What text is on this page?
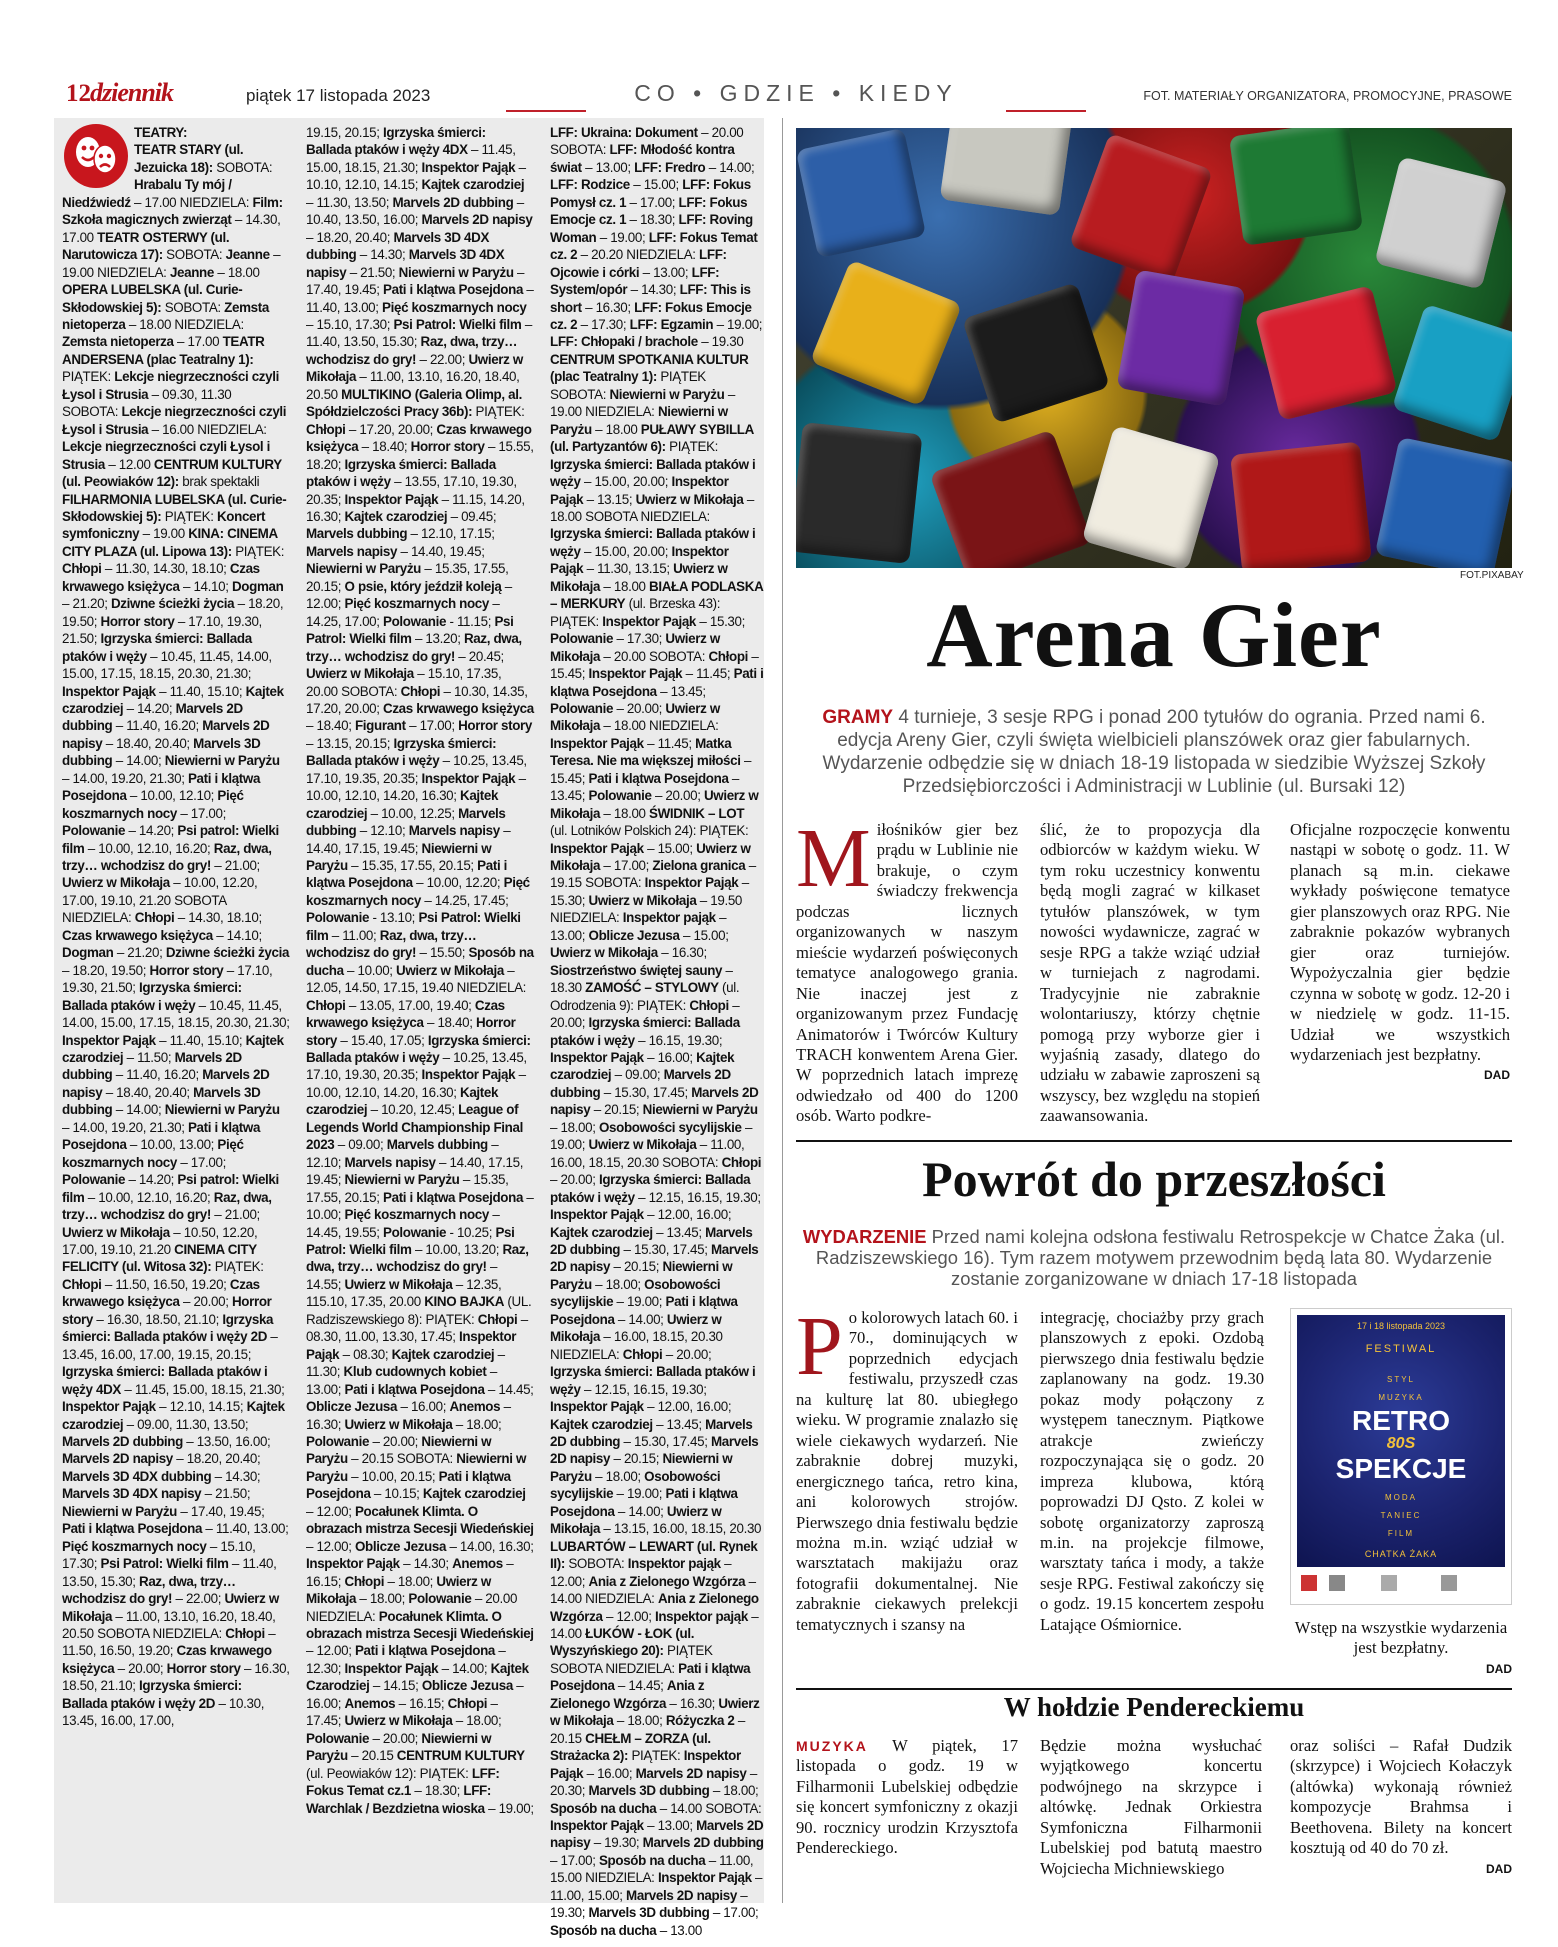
12 dziennik	piątek 17 listopada 2023	CO • GDZIE • KIEDY	FOT. MATERIAŁY ORGANIZATORA, PROMOCYJNE, PRASOWE
TEATRY:
TEATR STARY (ul. Jezuicka 18): SOBOTA: Hrabalu Ty mój / Niedźwiedź – 17.00 NIEDZIELA: Film: Szkoła magicznych zwierząt – 14.30, 17.00 TEATR OSTERWY (ul. Narutowicza 17): SOBOTA: Jeanne – 19.00 NIEDZIELA: Jeanne – 18.00 OPERA LUBELSKA (ul. Curie-Skłodowskiej 5): SOBOTA: Zemsta nietoperza – 18.00 NIEDZIELA: Zemsta nietoperza – 17.00 TEATR ANDERSENA (plac Teatralny 1): PIĄTEK: Lekcje niegrzeczności czyli Łysol i Strusia – 09.30, 11.30 SOBOTA: Lekcje niegrzeczności czyli Łysol i Strusia – 16.00 NIEDZIELA: Lekcje niegrzeczności czyli Łysol i Strusia – 12.00 CENTRUM KULTURY (ul. Peowiaków 12): brak spektakli FILHARMONIA LUBELSKA (ul. Curie-Skłodowskiej 5): PIĄTEK: Koncert symfoniczny – 19.00 KINA: CINEMA CITY PLAZA (ul. Lipowa 13): PIĄTEK: Chłopi – 11.30, 14.30, 18.10; Czas krwawego księżyca – 14.10; Dogman – 21.20; Dziwne ścieżki życia – 18.20, 19.50; Horror story – 17.10, 19.30, 21.50; Igrzyska śmierci: Ballada ptaków i węży – 10.45, 11.45, 14.00, 15.00, 17.15, 18.15, 20.30, 21.30; Inspektor Pająk – 11.40, 15.10; Kajtek czarodziej – 14.20; Marvels 2D dubbing – 11.40, 16.20; Marvels 2D napisy – 18.40, 20.40; Marvels 3D dubbing – 14.00; Niewierni w Paryżu – 14.00, 19.20, 21.30; Pati i klątwa Posejdona – 10.00, 12.10; Pięć koszmarnych nocy – 17.00; Polowanie – 14.20; Psi patrol: Wielki film – 10.00, 12.10, 16.20; Raz, dwa, trzy… wchodzisz do gry! – 21.00; Uwierz w Mikołaja – 10.00, 12.20, 17.00, 19.10, 21.20 SOBOTA NIEDZIELA: Chłopi – 14.30, 18.10; Czas krwawego księżyca – 14.10; Dogman – 21.20; Dziwne ścieżki życia – 18.20, 19.50; Horror story – 17.10, 19.30, 21.50; Igrzyska śmierci: Ballada ptaków i węży – 10.45, 11.45, 14.00, 15.00, 17.15, 18.15, 20.30, 21.30; Inspektor Pająk – 11.40, 15.10; Kajtek czarodziej – 11.50; Marvels 2D dubbing – 11.40, 16.20; Marvels 2D napisy – 18.40, 20.40; Marvels 3D dubbing – 14.00; Niewierni w Paryżu – 14.00, 19.20, 21.30; Pati i klątwa Posejdona – 10.00, 13.00; Pięć koszmarnych nocy – 17.00; Polowanie – 14.20; Psi patrol: Wielki film – 10.00, 12.10, 16.20; Raz, dwa, trzy… wchodzisz do gry! – 21.00; Uwierz w Mikołaja – 10.50, 12.20, 17.00, 19.10, 21.20 CINEMA CITY FELICITY (ul. Witosa 32): PIĄTEK: Chłopi – 11.50, 16.50, 19.20; Czas krwawego księżyca – 20.00; Horror story – 16.30, 18.50, 21.10; Igrzyska śmierci: Ballada ptaków i węży 2D – 13.45, 16.00, 17.00, 19.15, 20.15; Igrzyska śmierci: Ballada ptaków i węży 4DX – 11.45, 15.00, 18.15, 21.30; Inspektor Pająk – 12.10, 14.15; Kajtek czarodziej – 09.00, 11.30, 13.50; Marvels 2D dubbing – 13.50, 16.00; Marvels 2D napisy – 18.20, 20.40; Marvels 3D 4DX dubbing – 14.30; Marvels 3D 4DX napisy – 21.50; Niewierni w Paryżu – 17.40, 19.45; Pati i klątwa Posejdona – 11.40, 13.00; Pięć koszmarnych nocy – 15.10, 17.30; Psi Patrol: Wielki film – 11.40, 13.50, 15.30; Raz, dwa, trzy… wchodzisz do gry! – 22.00; Uwierz w Mikołaja – 11.00, 13.10, 16.20, 18.40, 20.50 SOBOTA NIEDZIELA: Chłopi – 11.50, 16.50, 19.20; Czas krwawego księżyca – 20.00; Horror story – 16.30, 18.50, 21.10; Igrzyska śmierci: Ballada ptaków i węży 2D – 10.30, 13.45, 16.00, 17.00,
19.15, 20.15; Igrzyska śmierci: Ballada ptaków i węży 4DX – 11.45, 15.00, 18.15, 21.30; Inspektor Pająk – 10.10, 12.10, 14.15; Kajtek czarodziej – 11.30, 13.50; Marvels 2D dubbing – 10.40, 13.50, 16.00; Marvels 2D napisy – 18.20, 20.40; Marvels 3D 4DX dubbing – 14.30; Marvels 3D 4DX napisy – 21.50; Niewierni w Paryżu – 17.40, 19.45; Pati i klątwa Posejdona – 11.40, 13.00; Pięć koszmarnych nocy – 15.10, 17.30; Psi Patrol: Wielki film – 11.40, 13.50, 15.30; Raz, dwa, trzy… wchodzisz do gry! – 22.00; Uwierz w Mikołaja – 11.00, 13.10, 16.20, 18.40, 20.50 MULTIKINO (Galeria Olimp, al. Spółdzielczości Pracy 36b): PIĄTEK: Chłopi – 17.20, 20.00; Czas krwawego księżyca – 18.40; Horror story – 15.55, 18.20; Igrzyska śmierci: Ballada ptaków i węży – 13.55, 17.10, 19.30, 20.35; Inspektor Pająk – 11.15, 14.20, 16.30; Kajtek czarodziej – 09.45; Marvels dubbing – 12.10, 17.15; Marvels napisy – 14.40, 19.45; Niewierni w Paryżu – 15.35, 17.55, 20.15; O psie, który jeździł koleją – 12.00; Pięć koszmarnych nocy – 14.25, 17.00; Polowanie - 11.15; Psi Patrol: Wielki film – 13.20; Raz, dwa, trzy… wchodzisz do gry! – 20.45; Uwierz w Mikołaja – 15.10, 17.35, 20.00 SOBOTA: Chłopi – 10.30, 14.35, 17.20, 20.00; Czas krwawego księżyca – 18.40; Figurant – 17.00; Horror story – 13.15, 20.15; Igrzyska śmierci: Ballada ptaków i węży – 10.25, 13.45, 17.10, 19.35, 20.35; Inspektor Pająk – 10.00, 12.10, 14.20, 16.30; Kajtek czarodziej – 10.00, 12.25; Marvels dubbing – 12.10; Marvels napisy – 14.40, 17.15, 19.45; Niewierni w Paryżu – 15.35, 17.55, 20.15; Pati i klątwa Posejdona – 10.00, 12.20; Pięć koszmarnych nocy – 14.25, 17.45; Polowanie - 13.10; Psi Patrol: Wielki film – 11.00; Raz, dwa, trzy… wchodzisz do gry! – 15.50; Sposób na ducha – 10.00; Uwierz w Mikołaja – 12.05, 14.50, 17.15, 19.40 NIEDZIELA: Chłopi – 13.05, 17.00, 19.40; Czas krwawego księżyca – 18.40; Horror story – 15.40, 17.05; Igrzyska śmierci: Ballada ptaków i węży – 10.25, 13.45, 17.10, 19.30, 20.35; Inspektor Pająk – 10.00, 12.10, 14.20, 16.30; Kajtek czarodziej – 10.20, 12.45; League of Legends World Championship Final 2023 – 09.00; Marvels dubbing – 12.10; Marvels napisy – 14.40, 17.15, 19.45; Niewierni w Paryżu – 15.35, 17.55, 20.15; Pati i klątwa Posejdona – 10.00; Pięć koszmarnych nocy – 14.45, 19.55; Polowanie - 10.25; Psi Patrol: Wielki film – 10.00, 13.20; Raz, dwa, trzy… wchodzisz do gry! – 14.55; Uwierz w Mikołaja – 12.35, 115.10, 17.35, 20.00 KINO BAJKA (UL. Radziszewskiego 8): PIĄTEK: Chłopi – 08.30, 11.00, 13.30, 17.45; Inspektor Pająk – 08.30; Kajtek czarodziej – 11.30; Klub cudownych kobiet – 13.00; Pati i klątwa Posejdona – 14.45; Oblicze Jezusa – 16.00; Anemos – 16.30; Uwierz w Mikołaja – 18.00; Polowanie – 20.00; Niewierni w Paryżu – 20.15 SOBOTA: Niewierni w Paryżu – 10.00, 20.15; Pati i klątwa Posejdona – 10.15; Kajtek czarodziej – 12.00; Pocałunek Klimta. O obrazach mistrza Secesji Wiedeńskiej – 12.00; Oblicze Jezusa – 14.00, 16.30; Inspektor Pająk – 14.30; Anemos – 16.15; Chłopi – 18.00; Uwierz w Mikołaja – 18.00; Polowanie – 20.00 NIEDZIELA: Pocałunek Klimta. O obrazach mistrza Secesji Wiedeńskiej – 12.00; Pati i klątwa Posejdona – 12.30; Inspektor Pająk – 14.00; Kajtek Czarodziej – 14.15; Oblicze Jezusa – 16.00; Anemos – 16.15; Chłopi – 17.45; Uwierz w Mikołaja – 18.00; Polowanie – 20.00; Niewierni w Paryżu – 20.15 CENTRUM KULTURY (ul. Peowiaków 12): PIĄTEK: LFF: Fokus Temat cz.1 – 18.30; LFF: Warchlak / Bezdzietna wioska – 19.00;
LFF: Ukraina: Dokument – 20.00 SOBOTA: LFF: Młodość kontra świat – 13.00; LFF: Fredro – 14.00; LFF: Rodzice – 15.00; LFF: Fokus Pomysł cz. 1 – 17.00; LFF: Fokus Emocje cz. 1 – 18.30; LFF: Roving Woman – 19.00; LFF: Fokus Temat cz. 2 – 20.20 NIEDZIELA: LFF: Ojcowie i córki – 13.00; LFF: System/opór – 14.30; LFF: This is short – 16.30; LFF: Fokus Emocje cz. 2 – 17.30; LFF: Egzamin – 19.00; LFF: Chłopaki / brachole – 19.30 CENTRUM SPOTKANIA KULTUR (plac Teatralny 1): PIĄTEK SOBOTA: Niewierni w Paryżu – 19.00 NIEDZIELA: Niewierni w Paryżu – 18.00 PUŁAWY SYBILLA (ul. Partyzantów 6): PIĄTEK: Igrzyska śmierci: Ballada ptaków i węży – 15.00, 20.00; Inspektor Pająk – 13.15; Uwierz w Mikołaja – 18.00 SOBOTA NIEDZIELA: Igrzyska śmierci: Ballada ptaków i węży – 15.00, 20.00; Inspektor Pająk – 11.30, 13.15; Uwierz w Mikołaja – 18.00 BIAŁA PODLASKA – MERKURY (ul. Brzeska 43): PIĄTEK: Inspektor Pająk – 15.30; Polowanie – 17.30; Uwierz w Mikołaja – 20.00 SOBOTA: Chłopi – 15.45; Inspektor Pająk – 11.45; Pati i klątwa Posejdona – 13.45; Polowanie – 20.00; Uwierz w Mikołaja – 18.00 NIEDZIELA: Inspektor Pająk – 11.45; Matka Teresa. Nie ma większej miłości – 15.45; Pati i klątwa Posejdona – 13.45; Polowanie – 20.00; Uwierz w Mikołaja – 18.00 ŚWIDNIK – LOT (ul. Lotników Polskich 24): PIĄTEK: Inspektor Pająk – 15.00; Uwierz w Mikołaja – 17.00; Zielona granica – 19.15 SOBOTA: Inspektor Pająk – 15.30; Uwierz w Mikołaja – 19.50 NIEDZIELA: Inspektor pająk – 13.00; Oblicze Jezusa – 15.00; Uwierz w Mikołaja – 16.30; Siostrzeństwo świętej sauny – 18.30 ZAMOŚĆ – STYLOWY (ul. Odrodzenia 9): PIĄTEK: Chłopi – 20.00; Igrzyska śmierci: Ballada ptaków i węży – 16.15, 19.30; Inspektor Pająk – 16.00; Kajtek czarodziej – 09.00; Marvels 2D dubbing – 15.30, 17.45; Marvels 2D napisy – 20.15; Niewierni w Paryżu – 18.00; Osobowości sycylijskie – 19.00; Uwierz w Mikołaja – 11.00, 16.00, 18.15, 20.30 SOBOTA: Chłopi – 20.00; Igrzyska śmierci: Ballada ptaków i węży – 12.15, 16.15, 19.30; Inspektor Pająk – 12.00, 16.00; Kajtek czarodziej – 13.45; Marvels 2D dubbing – 15.30, 17.45; Marvels 2D napisy – 20.15; Niewierni w Paryżu – 18.00; Osobowości sycylijskie – 19.00; Pati i klątwa Posejdona – 14.00; Uwierz w Mikołaja – 16.00, 18.15, 20.30 NIEDZIELA: Chłopi – 20.00; Igrzyska śmierci: Ballada ptaków i węży – 12.15, 16.15, 19.30; Inspektor Pająk – 12.00, 16.00; Kajtek czarodziej – 13.45; Marvels 2D dubbing – 15.30, 17.45; Marvels 2D napisy – 20.15; Niewierni w Paryżu – 18.00; Osobowości sycylijskie – 19.00; Pati i klątwa Posejdona – 14.00; Uwierz w Mikołaja – 13.15, 16.00, 18.15, 20.30 LUBARTÓW – LEWART (ul. Rynek II): SOBOTA: Inspektor pająk – 12.00; Ania z Zielonego Wzgórza – 14.00 NIEDZIELA: Ania z Zielonego Wzgórza – 12.00; Inspektor pająk – 14.00 ŁUKÓW - ŁOK (ul. Wyszyńskiego 20): PIĄTEK SOBOTA NIEDZIELA: Pati i klątwa Posejdona – 14.45; Ania z Zielonego Wzgórza – 16.30; Uwierz w Mikołaja – 18.00; Różyczka 2 – 20.15 CHEŁM – ZORZA (ul. Strażacka 2): PIĄTEK: Inspektor Pająk – 16.00; Marvels 2D napisy – 20.30; Marvels 3D dubbing – 18.00; Sposób na ducha – 14.00 SOBOTA: Inspektor Pająk – 13.00; Marvels 2D napisy – 19.30; Marvels 2D dubbing – 17.00; Sposób na ducha – 11.00, 15.00 NIEDZIELA: Inspektor Pająk – 11.00, 15.00; Marvels 2D napisy – 19.30; Marvels 3D dubbing – 17.00; Sposób na ducha – 13.00
FOT.PIXABAY
Arena Gier
GRAMY 4 turnieje, 3 sesje RPG i ponad 200 tytułów do ogrania. Przed nami 6. edycja Areny Gier, czyli święta wielbicieli planszówek oraz gier fabularnych. Wydarzenie odbędzie się w dniach 18-19 listopada w siedzibie Wyższej Szkoły Przedsiębiorczości i Administracji w Lublinie (ul. Bursaki 12)
Miłośników gier bez prądu w Lublinie nie brakuje, o czym świadczy frekwencja podczas licznych organizowanych w naszym mieście wydarzeń poświęconych tematyce analogowego grania. Nie inaczej jest z organizowanym przez Fundację Animatorów i Twórców Kultury TRACH konwentem Arena Gier. W poprzednich latach imprezę odwiedzało od 400 do 1200 osób. Warto podkre-
ślić, że to propozycja dla odbiorców w każdym wieku. W tym roku uczestnicy konwentu będą mogli zagrać w kilkaset tytułów planszówek, w tym nowości wydawnicze, zagrać w sesje RPG a także wziąć udział w turniejach z nagrodami. Tradycyjnie nie zabraknie wolontariuszy, którzy chętnie pomogą przy wyborze gier i wyjaśnią zasady, dlatego do udziału w zabawie zaproszeni są wszyscy, bez względu na stopień zaawansowania.
Oficjalne rozpoczęcie konwentu nastąpi w sobotę o godz. 11. W planach są m.in. ciekawe wykłady poświęcone tematyce gier planszowych oraz RPG. Nie zabraknie pokazów wybranych gier oraz turniejów. Wypożyczalnia gier będzie czynna w sobotę w godz. 12-20 i w niedzielę w godz. 11-15. Udział we wszystkich wydarzeniach jest bezpłatny.
DAD
Powrót do przeszłości
WYDARZENIE Przed nami kolejna odsłona festiwalu Retrospekcje w Chatce Żaka (ul. Radziszewskiego 16). Tym razem motywem przewodnim będą lata 80. Wydarzenie zostanie zorganizowane w dniach 17-18 listopada
Po kolorowych latach 60. i 70., dominujących w poprzednich edycjach festiwalu, przyszedł czas na kulturę lat 80. ubiegłego wieku. W programie znalazło się wiele ciekawych wydarzeń. Nie zabraknie dobrej muzyki, energicznego tańca, retro kina, ani kolorowych strojów. Pierwszego dnia festiwalu będzie można m.in. wziąć udział w warsztatach makijażu oraz fotografii dokumentalnej. Nie zabraknie ciekawych prelekcji tematycznych i szansy na
integrację, chociażby przy grach planszowych z epoki. Ozdobą pierwszego dnia festiwalu będzie zaplanowany na godz. 19.30 pokaz mody połączony z występem tanecznym. Piątkowe atrakcje zwieńczy rozpoczynająca się o godz. 20 impreza klubowa, którą poprowadzi DJ Qsto. Z kolei w sobotę organizatorzy zaproszą m.in. na projekcje filmowe, warsztaty tańca i mody, a także sesje RPG. Festiwal zakończy się o godz. 19.15 koncertem zespołu Latające Ośmiornice.
17 i 18 listopada 2023
FESTIWAL
STYL
MUZYKA
RETRO
80S
SPEKCJE
MODA
TANIEC
FILM
CHATKA ŻAKA
Wstęp na wszystkie wydarzenia jest bezpłatny.
DAD
W hołdzie Pendereckiemu
MUZYKA W piątek, 17 listopada o godz. 19 w Filharmonii Lubelskiej odbędzie się koncert symfoniczny z okazji 90. rocznicy urodzin Krzysztofa Pendereckiego.
Będzie można wysłuchać wyjątkowego koncertu podwójnego na skrzypce i altówkę. Jednak Orkiestra Symfoniczna Filharmonii Lubelskiej pod batutą maestro Wojciecha Michniewskiego
oraz soliści – Rafał Dudzik (skrzypce) i Wojciech Kołaczyk (altówka) wykonają również kompozycje Brahmsa i Beethovena. Bilety na koncert kosztują od 40 do 70 zł.
DAD
